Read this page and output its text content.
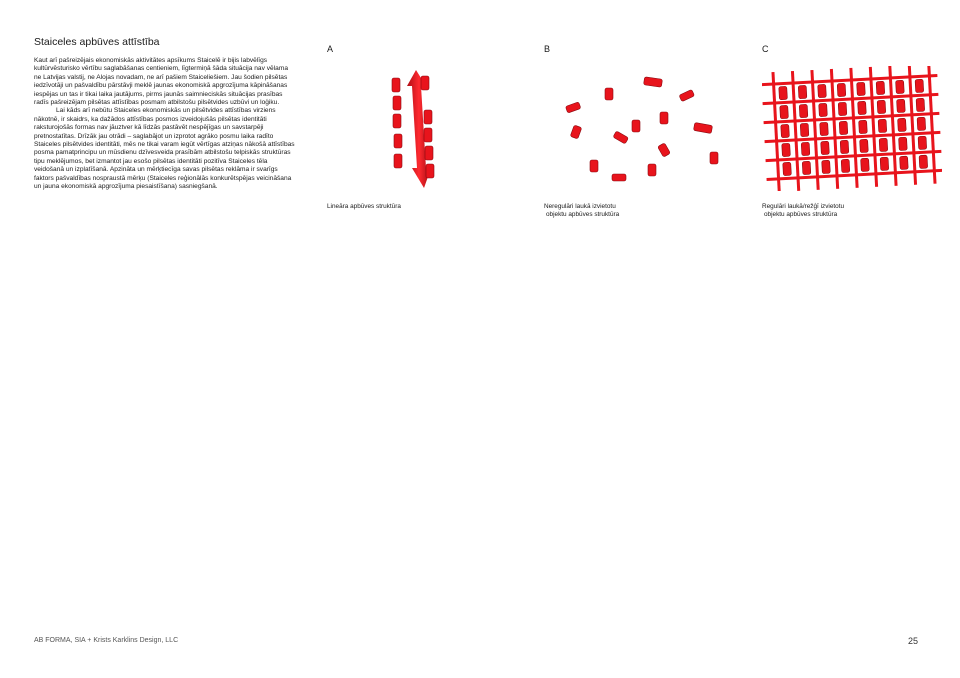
Staiceles apbūves attīstība

Kaut arī pašreizējais ekonomiskās aktivitātes apsīkums Staicelē ir bijis labvēlīgs kultūrvēsturisko vērtību saglabāšanas centieniem, līgtermiņā šāda situācija nav vēlama ne Latvijas valstij, ne Alojas novadam, ne arī pašiem Staiceliešiem. Jau šodien pilsētas iedzīvotāji un pašvaldību pārstāvji meklē jaunas ekonomiskā apgrozījuma kāpināšanas iespējas un tas ir tikai laika jautājums, pirms jaunās saimnieciskās situācijas prasības radīs pašreizējam pilsētas attīstības posmam atbilstošu pilsētvides uzbūvi un loģiku.

Lai kāds arī nebūtu Staiceles ekonomiskās un pilsētvides attīstības virziens nākotnē, ir skaidrs, ka dažādos attīstības posmos izveidojušās pilsētas identitāti raksturojošās formas nav jāuztver kā līdzās pastāvēt nespējīgas un savstarpēji pretnostatītas. Drīzāk jau otrādi – saglabājot un izprotot agrāko posmu laika radīto Staiceles pilsētvides identitāti, mēs ne tikai varam iegūt vērtīgas atziņas nākošā attīstības posma pamatprincipu un mūsdienu dzīvesveida prasībām atbilstošu telpiskās struktūras tipu meklējumos, bet izmantot jau esošo pilsētas identitāti pozitīva Staiceles tēla veidošanā un izplatīšanā. Apzināta un mērķtiecīga savas pilsētas reklāma ir svarīgs faktors pašvaldības nospraustā mērķu (Staiceles reģionālās konkurētspējas veicināšana un jauna ekonomiskā apgrozījuma piesaistīšana) sasniegšanā.

A	B	C
Lineāra apbūves struktūra	Neregulāri laukā izvietotu
objektu apbūves struktūra
Regulāri laukā/režģī izvietotu
objektu apbūves struktūra
AB FORMA, SIA + Krists Karklins Design, LLC	25
